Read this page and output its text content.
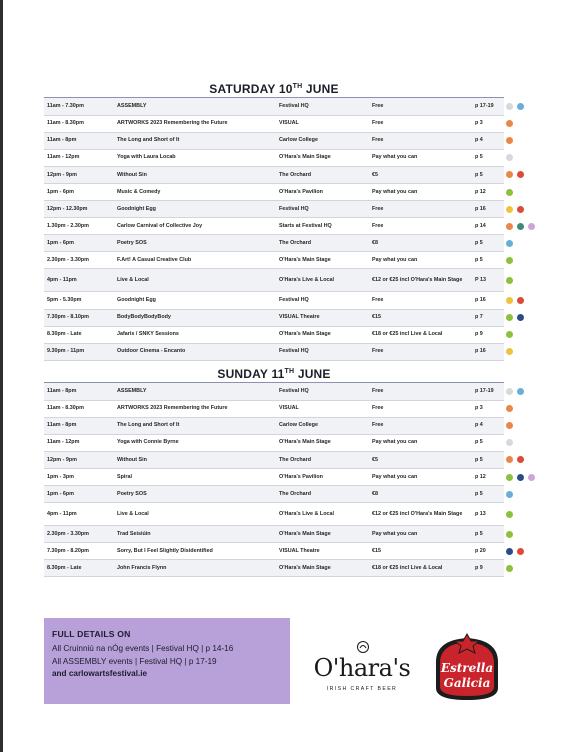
SATURDAY 10TH JUNE
11am - 7.30pm	ASSEMBLY	Festival HQ	Free	p 17-19
11am - 8.30pm	ARTWORKS 2023 Remembering the Future	VISUAL	Free	p 3
11am - 8pm	The Long and Short of It	Carlow College	Free	p 4
11am - 12pm	Yoga with Laura Locab	O'Hara's Main Stage	Pay what you can	p 5
12pm - 9pm	Without Sin	The Orchard	€5	p 5
1pm - 6pm	Music & Comedy	O'Hara's Pavilion	Pay what you can	p 12
12pm - 12.30pm	Goodnight Egg	Festival HQ	Free	p 16
1.30pm - 2.30pm	Carlow Carnival of Collective Joy	Starts at Festival HQ	Free	p 14
1pm - 6pm	Poetry SOS	The Orchard	€8	p 5
2.30pm - 3.30pm	F.Art! A Casual Creative Club	O'Hara's Main Stage	Pay what you can	p 5
4pm - 11pm	Live & Local	O'Hara's Live & Local	€12 or €25 incl O'Hara's Main Stage	P 13
5pm - 5.30pm	Goodnight Egg	Festival HQ	Free	p 16
7.30pm - 8.10pm	BodyBodyBodyBody	VISUAL Theatre	€15	p 7
8.30pm - Late	Jafaris / SNKY Sessions	O'Hara's Main Stage	€18 or €25 incl Live & Local	p 9
9.30pm - 11pm	Outdoor Cinema - Encanto	Festival HQ	Free	p 16
SUNDAY 11TH JUNE
11am - 8pm	ASSEMBLY	Festival HQ	Free	p 17-19
11am - 8.30pm	ARTWORKS 2023 Remembering the Future	VISUAL	Free	p 3
11am - 8pm	The Long and Short of It	Carlow College	Free	p 4
11am - 12pm	Yoga with Connie Byrne	O'Hara's Main Stage	Pay what you can	p 5
12pm - 9pm	Without Sin	The Orchard	€5	p 5
1pm - 3pm	Spiral	O'Hara's Pavilion	Pay what you can	p 12
1pm - 6pm	Poetry SOS	The Orchard	€8	p 5
4pm - 11pm	Live & Local	O'Hara's Live & Local	€12 or €25 incl O'Hara's Main Stage	p 13
2.30pm - 3.30pm	Trad Seisiúin	O'Hara's Main Stage	Pay what you can	p 5
7.30pm - 8.20pm	Sorry, But I Feel Slightly Disidentified	VISUAL Theatre	€15	p 20
8.30pm - Late	John Francis Flynn	O'Hara's Main Stage	€18 or €25 incl Live & Local	p 9
FULL DETAILS ON
All Cruinniú na nÓg events | Festival HQ | p 14-16
All ASSEMBLY events | Festival HQ | p 17-19
and carlowartsfestival.ie	O'hara's
IRISH CRAFT BEER
Estrella
Galicia
